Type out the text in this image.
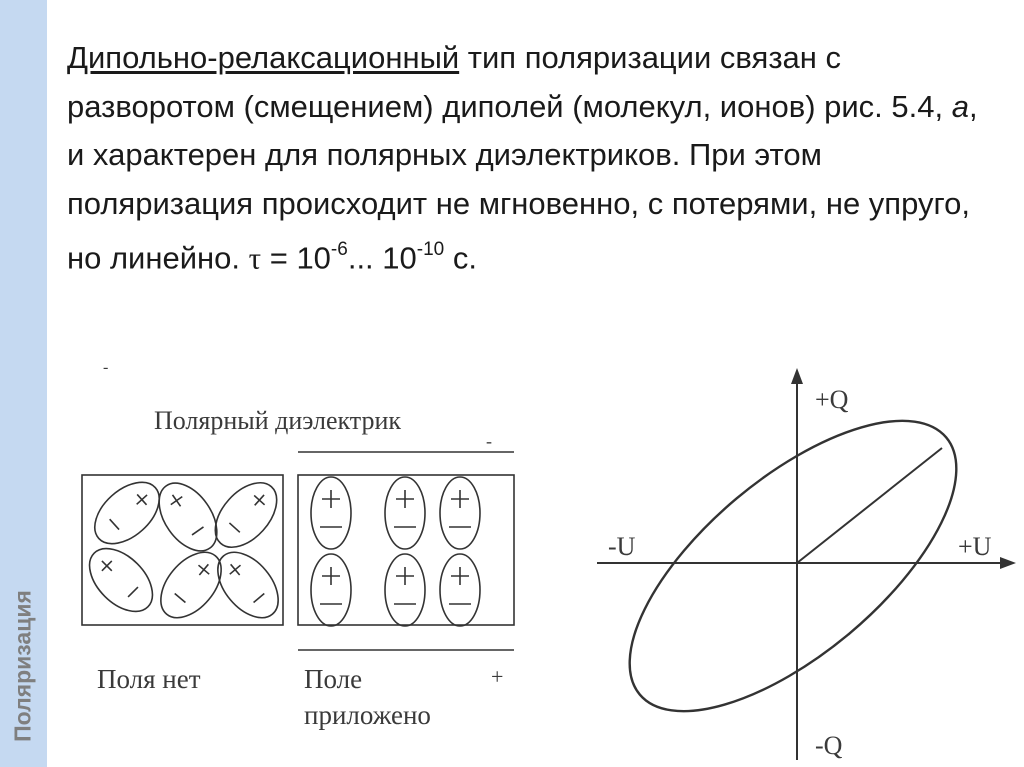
Поляризация
Дипольно-релаксационный тип поляризации связан с разворотом (смещением) диполей (молекул, ионов) рис. 5.4, а, и характерен для полярных диэлектриков. При этом поляризация происходит не мгновенно, с потерями, не упруго, но линейно. $\tau = 10^{-6}$... $10^{-10}$ с.
-
Полярный диэлектрик
-
Поля нет	Поле
приложено
+
+Q
-Q
+U
-U
